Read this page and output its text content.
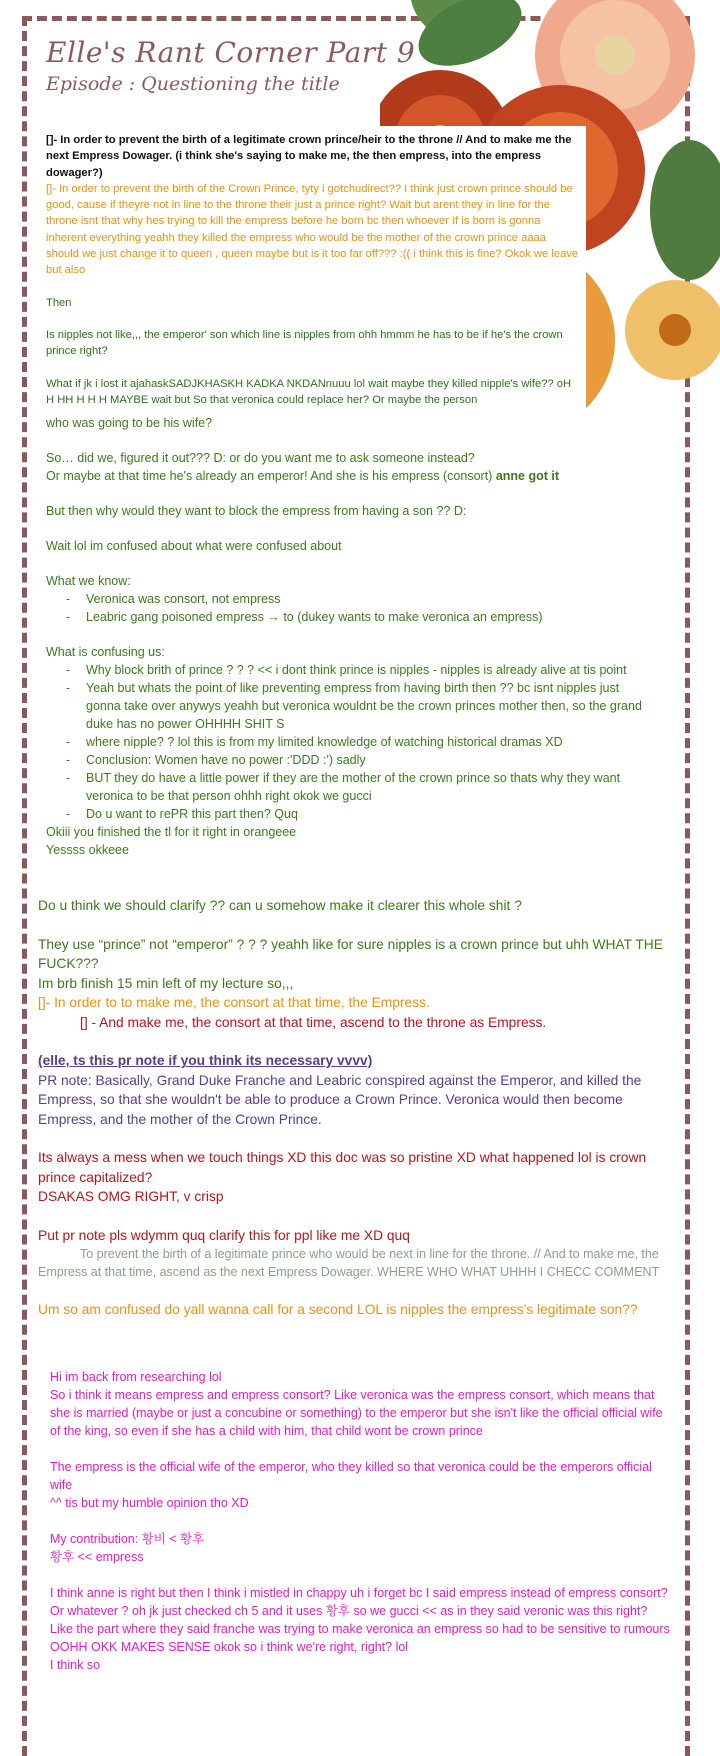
Elle's Rant Corner Part 9
Episode : Questioning the title

[]- In order to prevent the birth of a legitimate crown prince/heir to the throne // And to make me the next Empress Dowager. (i think she's saying to make me, the then empress, into the empress dowager?)

[]- In order to prevent the birth of the Crown Prince, tyty i gotchudirect?? I think just crown prince should be good, cause if theyre not in line to the throne their just a prince right? Wait but arent they in line for the throne isnt that why hes trying to kill the empress before he born bc then whoever If is born is gonna inherent everything yeahh they killed the empress who would be the mother of the crown prince aaaa should we just change it to queen , queen maybe but is it too far off??? :(( i think this is fine? Okok we leave but also

Then

Is nipples not like,,, the emperor' son which line is nipples from ohh hmmm he has to be if he's the crown prince right?

What if jk i lost it ajahaskSADJKHASKH KADKA NKDANnuuu lol wait maybe they killed nipple's wife?? oH H HH H H H MAYBE wait but So that veronica could replace her? Or maybe the person

who was going to be his wife?

So… did we, figured it out??? D: or do you want me to ask someone instead?

Or maybe at that time he's already an emperor! And she is his empress (consort) anne got it

But then why would they want to block the empress from having a son ?? D:

Wait lol im confused about what were confused about

What we know:

- Veronica was consort, not empress
- Leabric gang poisoned empress → to (dukey wants to make veronica an empress)

What is confusing us:

- Why block brith of prince ? ? ? << i dont think prince is nipples - nipples is already alive at tis point
- Yeah but whats the point of like preventing empress from having birth then ?? bc isnt nipples just gonna take over anywys yeahh but veronica wouldnt be the crown princes mother then, so the grand duke has no power OHHHH SHIT S
- where nipple? ? lol this is from my limited knowledge of watching historical dramas XD
- Conclusion: Women have no power :'DDD :') sadly
- BUT they do have a little power if they are the mother of the crown prince so thats why they want veronica to be that person ohhh right okok we gucci
- Do u want to rePR this part then? Quq

Okiii you finished the tl for it right in orangeee

Yessss okkeee

Do u think we should clarify ?? can u somehow make it clearer this whole shit ?

They use “prince” not “emperor” ? ? ? yeahh like for sure nipples is a crown prince but uhh WHAT THE FUCK???

Im brb finish 15 min left of my lecture so,,,

[]- In order to to make me, the consort at that time, the Empress.

[] - And make me, the consort at that time, ascend to the throne as Empress.

(elle, ts this pr note if you think its necessary vvvv)

PR note: Basically, Grand Duke Franche and Leabric conspired against the Emperor, and killed the Empress, so that she wouldn't be able to produce a Crown Prince. Veronica would then become Empress, and the mother of the Crown Prince.

Its always a mess when we touch things XD this doc was so pristine XD what happened lol is crown prince capitalized?

DSAKAS OMG RIGHT, v crisp

Put pr note pls wdymm quq clarify this for ppl like me XD quq

To prevent the birth of a legitimate prince who would be next in line for the throne. // And to make me, the Empress at that time, ascend as the next Empress Dowager. WHERE WHO WHAT UHHH I CHECC COMMENT

Um so am confused do yall wanna call for a second LOL is nipples the empress's legitimate son??

Hi im back from researching lol

So i think it means empress and empress consort? Like veronica was the empress consort, which means that she is married (maybe or just a concubine or something) to the emperor but she isn't like the official official wife of the king, so even if she has a child with him, that child wont be crown prince

The empress is the official wife of the emperor, who they killed so that veronica could be the emperors official wife

^^ tis but my humble opinion tho XD

My contribution: 황비 < 황후

황후 << empress

I think anne is right but then I think i mistled in chappy uh i forget bc I said empress instead of empress consort? Or whatever ? oh jk just checked ch 5 and it uses 황후 so we gucci << as in they said veronic was this right?

Like the part where they said franche was trying to make veronica an empress so had to be sensitive to rumours OOHH OKK MAKES SENSE okok so i think we're right, right? lol

I think so
